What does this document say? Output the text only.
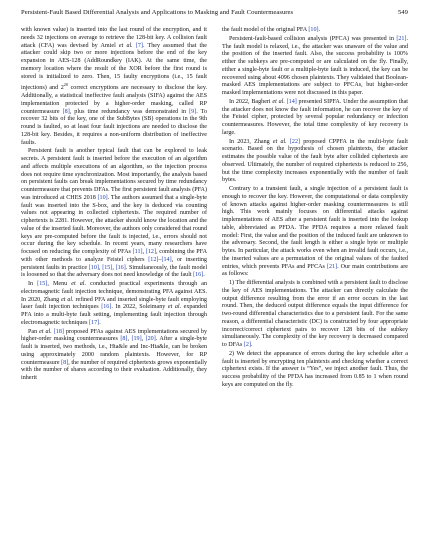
Persistent-Fault Based Differential Analysis and Applications to Masking and Fault Countermeasures	549

with known value) is inserted into the last round of the encryption, and it needs 32 injections on average to retrieve the 128-bit key. A collision fault attack (CFA) was devised by Amiel et al. [7]. They assumed that the attacker could skip two or more injections before the end of the key expansion in AES-128 (AddRoundkey (IAK). At the same time, the memory location where the result of the XOR before the first round is stored is initialized to zero. Then, 15 faulty encryptions (i.e., 15 fault injections) and $2^{20}$ correct encryptions are necessary to disclose the key. Additionally, a statistical ineffective fault analysis (SIFA) against the AES implementation protected by a higher-order masking, called RP countermeasure [8], plus time redundancy was demonstrated in [9]. To recover 32 bits of the key, one of the SubBytes (SB) operations in the 9th round is faulted, so at least four fault injections are needed to disclose the 128-bit key. Besides, it requires a non-uniform distribution of ineffective faults.

Persistent fault is another typical fault that can be explored to leak secrets. A persistent fault is inserted before the execution of an algorithm and affects multiple executions of an algorithm, so the injection process does not require time synchronization. Most importantly, the analysis based on persistent faults can break implementations secured by time redundancy countermeasure that prevents DFAs. The first persistent fault analysis (PFA) was introduced at CHES 2018 [10]. The authors assumed that a single-byte fault was inserted into the S-box, and the key is deduced via counting values not appearing in collected ciphertexts. The required number of ciphertexts is 2281. However, the attacker should know the location and the value of the inserted fault. Moreover, the authors only considered that round keys are pre-computed before the fault is injected, i.e., errors should not occur during the key schedule. In recent years, many researchers have focused on reducing the complexity of PFAs [11], [12], combining the PFA with other methods to analyze Feistel ciphers [12]–[14], or inserting persistent faults in practice [10], [15], [16]. Simultaneously, the fault model is loosened so that the adversary does not need knowledge of the fault [16].

In [15], Menu et al. conducted practical experiments through an electromagnetic fault injection technique, demonstrating PFA against AES. In 2020, Zhang et al. refined PFA and inserted single-byte fault employing laser fault injection techniques [16]. In 2022, Soleimany et al. expanded PFA into a multi-byte fault setting, implementing fault injection through electromagnetic techniques [17].

Pan et al. [18] proposed PFAs against AES implementations secured by higher-order masking countermeasures [8], [19], [20]. After a single-byte fault is inserted, two methods, i.e., Hta&le and Inc-Hta&le, can be broken using approximately 2000 random plaintexts. However, for RP countermeasure [8], the number of required ciphertexts grows exponentially with the number of shares according to their evaluation. Additionally, they inherit

the fault model of the original PFA [10].

Persistent-fault-based collision analysis (PFCA) was presented in [21]. The fault model is relaxed, i.e., the attacker was unaware of the value and the position of the inserted fault. Also, the success probability is 100% either the subkeys are pre-computed or are calculated on the fly. Finally, either a single-byte fault or a multiple-byte fault is induced, the key can be recovered using about 4096 chosen plaintexts. They validated that Boolean-masked AES implementations are subject to PFCAs, but higher-order masked implementations were not discussed in this paper.

In 2022, Bagheri et al. [14] presented SIPFA. Under the assumption that the attacker does not know the fault information, he can recover the key of the Feistel cipher, protected by several popular redundancy or infection countermeasures. However, the total time complexity of key recovery is large.

In 2023, Zhang et al. [22] proposed CPPFA in the multi-byte fault scenario. Based on the hypothesis of chosen plaintexts, the attacker estimates the possible value of the fault byte after collided ciphertexts are observed. Ultimately, the number of required ciphertexts is reduced to 256, but the time complexity increases exponentially with the number of fault bytes.

Contrary to a transient fault, a single injection of a persistent fault is enough to recover the key. However, the computational or data complexity of known attacks against higher-order masking countermeasures is still high. This work mainly focuses on differential attacks against implementations of AES after a persistent fault is inserted into the lookup table, abbreviated as PFDA. The PFDA requires a more relaxed fault model: First, the value and the position of the induced fault are unknown to the adversary. Second, the fault length is either a single byte or multiple bytes. In particular, the attack works even when an invalid fault occurs, i.e., the inserted values are a permutation of the original values of the faulted entries, which prevents PFAs and PFCAs [21]. Our main contributions are as follows:

1) The differential analysis is combined with a persistent fault to disclose the key of AES implementations. The attacker can directly calculate the output difference resulting from the error if an error occurs in the last round. Then, the deduced output difference equals the input difference for two-round differential characteristics due to a persistent fault. For the same reason, a differential characteristic (DC) is constructed by four appropriate incorrect/correct ciphertext pairs to recover 128 bits of the subkey simultaneously. The complexity of the key recovery is decreased compared to DFAs [2].

2) We detect the appearance of errors during the key schedule after a fault is inserted by encrypting ten plaintexts and checking whether a correct ciphertext exists. If the answer is “Yes”, we inject another fault. Thus, the success probability of the PFDA has increased from 0.85 to 1 when round keys are computed on the fly.
